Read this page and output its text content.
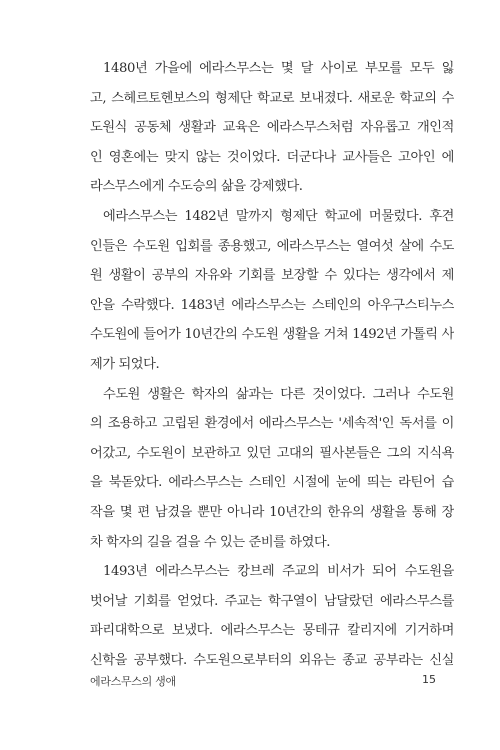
1480년 가을에 에라스무스는 몇 달 사이로 부모를 모두 잃
고, 스헤르토헨보스의 형제단 학교로 보내졌다. 새로운 학교의 수
도원식 공동체 생활과 교육은 에라스무스처럼 자유롭고 개인적
인 영혼에는 맞지 않는 것이었다. 더군다나 교사들은 고아인 에
라스무스에게 수도승의 삶을 강제했다.
에라스무스는 1482년 말까지 형제단 학교에 머물렀다. 후견
인들은 수도원 입회를 종용했고, 에라스무스는 열여섯 살에 수도
원 생활이 공부의 자유와 기회를 보장할 수 있다는 생각에서 제
안을 수락했다. 1483년 에라스무스는 스테인의 아우구스티누스
수도원에 들어가 10년간의 수도원 생활을 거쳐 1492년 가톨릭 사
제가 되었다.
수도원 생활은 학자의 삶과는 다른 것이었다. 그러나 수도원
의 조용하고 고립된 환경에서 에라스무스는 '세속적'인 독서를 이
어갔고, 수도원이 보관하고 있던 고대의 필사본들은 그의 지식욕
을 북돋았다. 에라스무스는 스테인 시절에 눈에 띄는 라틴어 습
작을 몇 편 남겼을 뿐만 아니라 10년간의 한유의 생활을 통해 장
차 학자의 길을 걸을 수 있는 준비를 하였다.
1493년 에라스무스는 캉브레 주교의 비서가 되어 수도원을
벗어날 기회를 얻었다. 주교는 학구열이 남달랐던 에라스무스를
파리대학으로 보냈다. 에라스무스는 몽테규 칼리지에 기거하며
신학을 공부했다. 수도원으로부터의 외유는 종교 공부라는 신실
에라스무스의 생애	15
